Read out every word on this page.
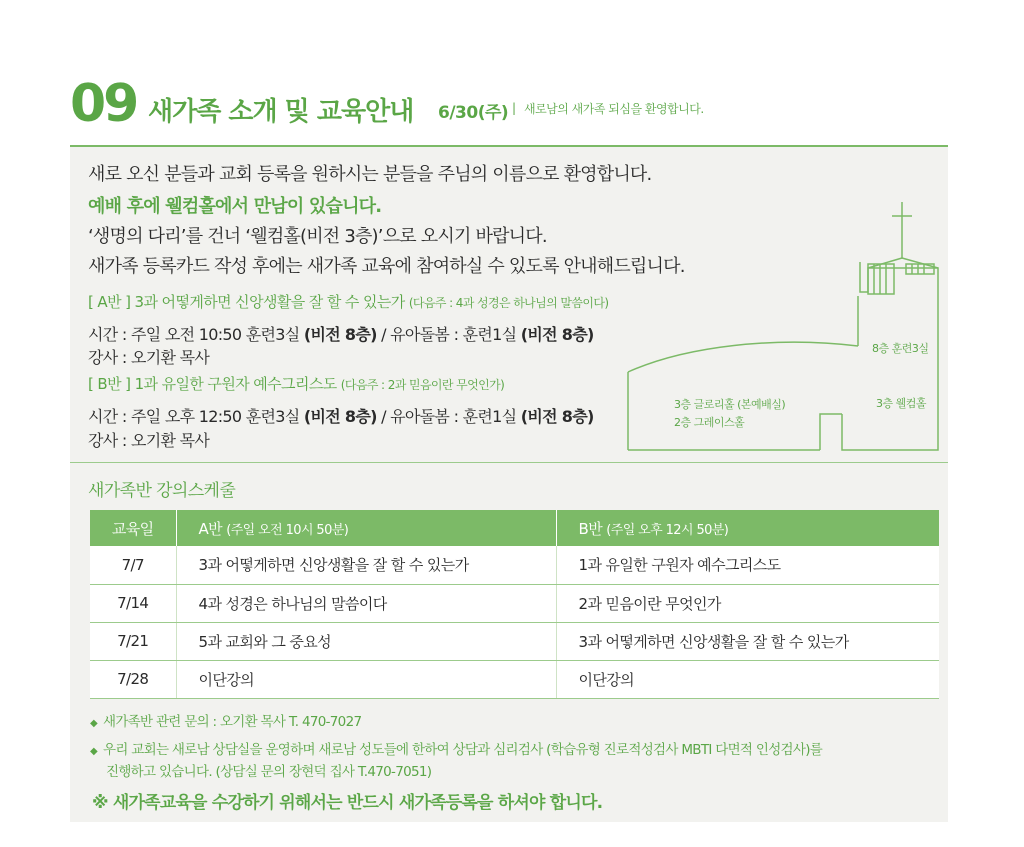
09 새가족 소개 및 교육안내 6/30(주) | 새로남의 새가족 되심을 환영합니다.
새로 오신 분들과 교회 등록을 원하시는 분들을 주님의 이름으로 환영합니다.
예배 후에 웰컴홀에서 만남이 있습니다.
‘생명의 다리’를 건너 ‘웰컴홀(비전 3층)’으로 오시기 바랍니다.
새가족 등록카드 작성 후에는 새가족 교육에 참여하실 수 있도록 안내해드립니다.
[ A반 ] 3과 어떻게하면 신앙생활을 잘 할 수 있는가 (다음주 : 4과 성경은 하나님의 말씀이다)
시간 : 주일 오전 10:50 훈련3실 (비전 8층) / 유아돌봄 : 훈련1실 (비전 8층)
강사 : 오기환 목사
[ B반 ] 1과 유일한 구원자 예수그리스도 (다음주 : 2과 믿음이란 무엇인가)
시간 : 주일 오후 12:50 훈련3실 (비전 8층) / 유아돌봄 : 훈련1실 (비전 8층)
강사 : 오기환 목사
8층 훈련3실
3층 웰컴홀
3층 글로리홀 (본예배실)
2층 그레이스홀
새가족반 강의스케줄
교육일	A반 (주일 오전 10시 50분)	B반 (주일 오후 12시 50분)
7/7	3과 어떻게하면 신앙생활을 잘 할 수 있는가	1과 유일한 구원자 예수그리스도
7/14	4과 성경은 하나님의 말씀이다	2과 믿음이란 무엇인가
7/21	5과 교회와 그 중요성	3과 어떻게하면 신앙생활을 잘 할 수 있는가
7/28	이단강의	이단강의
◆ 새가족반 관련 문의 : 오기환 목사 T. 470-7027
◆ 우리 교회는 새로남 상담실을 운영하며 새로남 성도들에 한하여 상담과 심리검사 (학습유형 진로적성검사 MBTI 다면적 인성검사)를
진행하고 있습니다. (상담실 문의 장현덕 집사 T.470-7051)
※ 새가족교육을 수강하기 위해서는 반드시 새가족등록을 하셔야 합니다.
